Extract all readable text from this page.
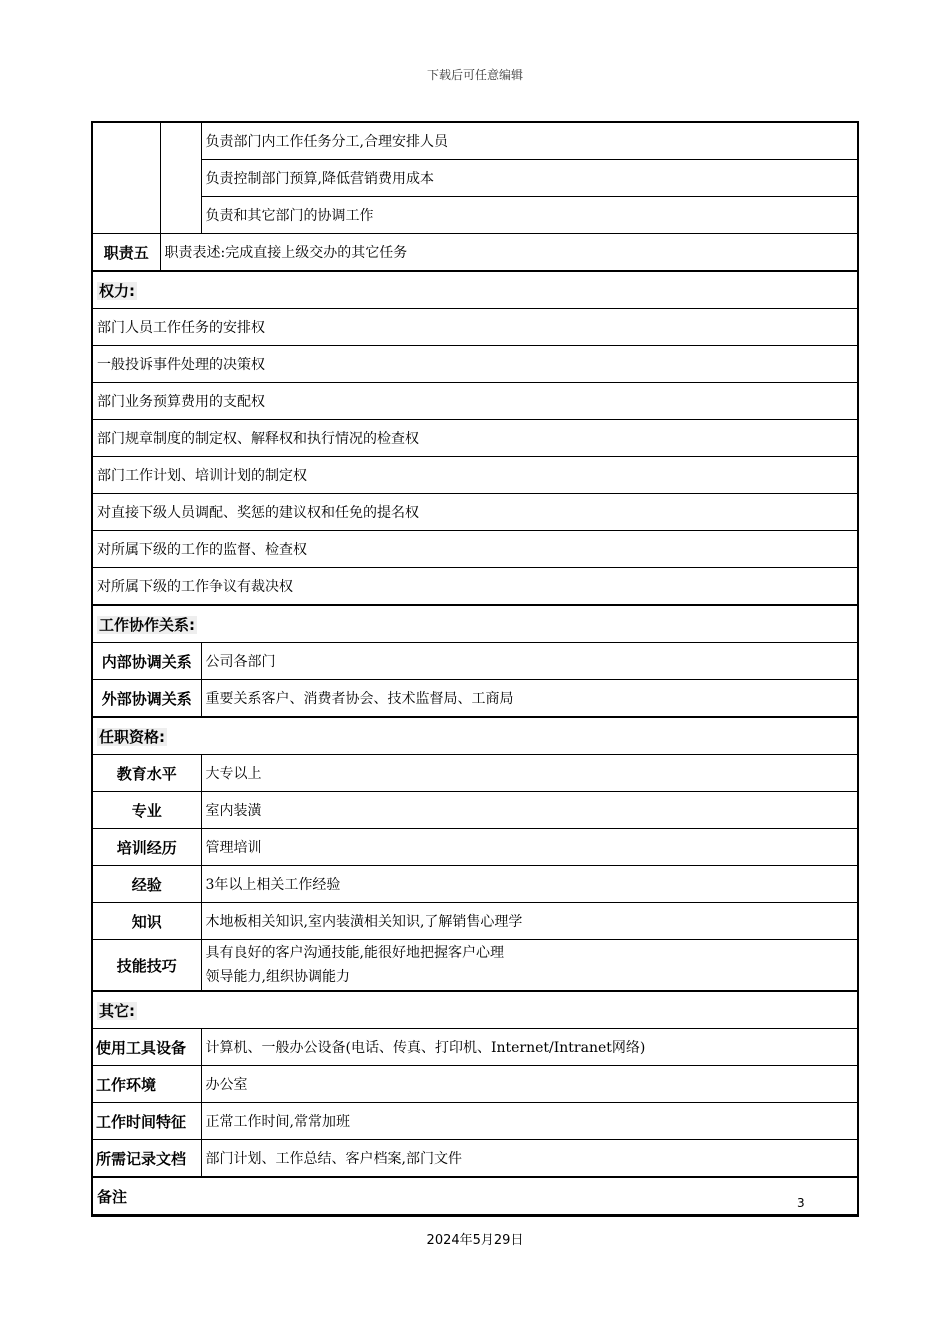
下载后可任意编辑
		负责部门内工作任务分工,合理安排人员
		负责控制部门预算,降低营销费用成本
		负责和其它部门的协调工作
职责五	职责表述:完成直接上级交办的其它任务	
权力:		
部门人员工作任务的安排权		
一般投诉事件处理的决策权		
部门业务预算费用的支配权		
部门规章制度的制定权、解释权和执行情况的检查权		
部门工作计划、培训计划的制定权		
对直接下级人员调配、奖惩的建议权和任免的提名权		
对所属下级的工作的监督、检查权		
对所属下级的工作争议有裁决权		
工作协作关系:		
内部协调关系		公司各部门
外部协调关系		重要关系客户、消费者协会、技术监督局、工商局
任职资格:		
教育水平		大专以上
专业		室内装潢
培训经历		管理培训
经验		3年以上相关工作经验
知识		木地板相关知识,室内装潢相关知识,了解销售心理学
技能技巧		具有良好的客户沟通技能,能很好地把握客户心理
领导能力,组织协调能力

其它:		
使用工具设备		计算机、一般办公设备(电话、传真、打印机、Internet/Intranet网络)
工作环境		办公室
工作时间特征		正常工作时间,常常加班
所需记录文档		部门计划、工作总结、客户档案,部门文件
备注			3
2024年5月29日
